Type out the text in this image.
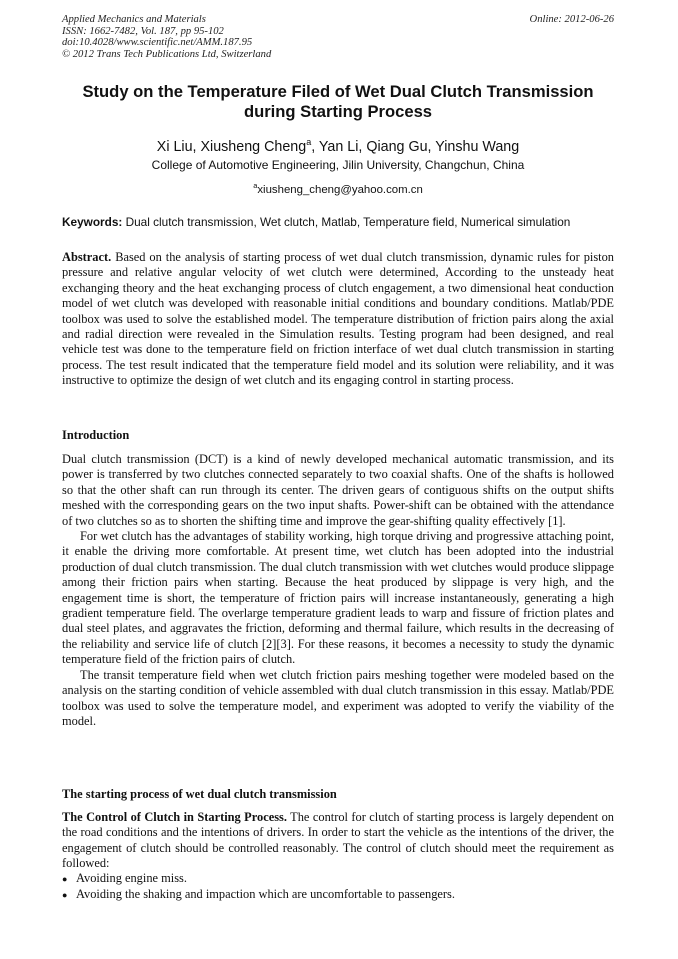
Applied Mechanics and Materials
ISSN: 1662-7482, Vol. 187, pp 95-102
doi:10.4028/www.scientific.net/AMM.187.95
© 2012 Trans Tech Publications Ltd, Switzerland
Online: 2012-06-26
Study on the Temperature Filed of Wet Dual Clutch Transmission during Starting Process
Xi Liu, Xiusheng Cheng$^a$, Yan Li, Qiang Gu, Yinshu Wang
College of Automotive Engineering, Jilin University, Changchun, China
$^a$xiusheng_cheng@yahoo.com.cn
Keywords: Dual clutch transmission, Wet clutch, Matlab, Temperature field, Numerical simulation

Abstract. Based on the analysis of starting process of wet dual clutch transmission, dynamic rules for piston pressure and relative angular velocity of wet clutch were determined, According to the unsteady heat exchanging theory and the heat exchanging process of clutch engagement, a two dimensional heat conduction model of wet clutch was developed with reasonable initial conditions and boundary conditions. Matlab/PDE toolbox was used to solve the established model. The temperature distribution of friction pairs along the axial and radial direction were revealed in the Simulation results. Testing program had been designed, and real vehicle test was done to the temperature field on friction interface of wet dual clutch transmission in starting process. The test result indicated that the temperature field model and its solution were reliability, and it was instructive to optimize the design of wet clutch and its engaging control in starting process.

Introduction

Dual clutch transmission (DCT) is a kind of newly developed mechanical automatic transmission, and its power is transferred by two clutches connected separately to two coaxial shafts. One of the shafts is hollowed so that the other shaft can run through its center. The driven gears of contiguous shifts on the output shifts meshed with the corresponding gears on the two input shafts. Power-shift can be obtained with the attendance of two clutches so as to shorten the shifting time and improve the gear-shifting quality effectively [1].

For wet clutch has the advantages of stability working, high torque driving and progressive attaching point, it enable the driving more comfortable. At present time, wet clutch has been adopted into the industrial production of dual clutch transmission. The dual clutch transmission with wet clutches would produce slippage among their friction pairs when starting. Because the heat produced by slippage is very high, and the engagement time is short, the temperature of friction pairs will increase instantaneously, generating a high gradient temperature field. The overlarge temperature gradient leads to warp and fissure of friction plates and dual steel plates, and aggravates the friction, deforming and thermal failure, which results in the decreasing of the reliability and service life of clutch [2][3]. For these reasons, it becomes a necessity to study the dynamic temperature field of the friction pairs of clutch.

The transit temperature field when wet clutch friction pairs meshing together were modeled based on the analysis on the starting condition of vehicle assembled with dual clutch transmission in this essay. Matlab/PDE toolbox was used to solve the temperature model, and experiment was adopted to verify the viability of the model.

The starting process of wet dual clutch transmission

The Control of Clutch in Starting Process. The control for clutch of starting process is largely dependent on the road conditions and the intentions of drivers. In order to start the vehicle as the intentions of the driver, the engagement of clutch should be controlled reasonably. The control of clutch should meet the requirement as followed:

● Avoiding engine miss.
● Avoiding the shaking and impaction which are uncomfortable to passengers.
